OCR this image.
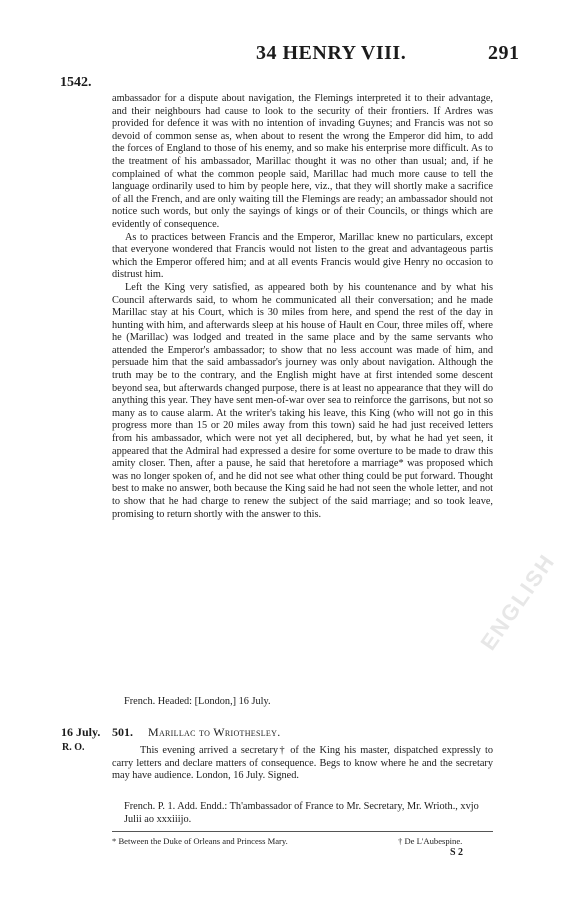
ENGLISH
34 HENRY VIII.	291
1542.

ambassador for a dispute about navigation, the Flemings interpreted it to their advantage, and their neighbours had cause to look to the security of their frontiers. If Ardres was provided for defence it was with no intention of invading Guynes; and Francis was not so devoid of common sense as, when about to resent the wrong the Emperor did him, to add the forces of England to those of his enemy, and so make his enterprise more difficult. As to the treatment of his ambassador, Marillac thought it was no other than usual; and, if he complained of what the common people said, Marillac had much more cause to tell the language ordinarily used to him by people here, viz., that they will shortly make a sacrifice of all the French, and are only waiting till the Flemings are ready; an ambassador should not notice such words, but only the sayings of kings or of their Councils, or things which are evidently of consequence.

As to practices between Francis and the Emperor, Marillac knew no particulars, except that everyone wondered that Francis would not listen to the great and advantageous partis which the Emperor offered him; and at all events Francis would give Henry no occasion to distrust him.

Left the King very satisfied, as appeared both by his countenance and by what his Council afterwards said, to whom he communicated all their conversation; and he made Marillac stay at his Court, which is 30 miles from here, and spend the rest of the day in hunting with him, and afterwards sleep at his house of Hault en Cour, three miles off, where he (Marillac) was lodged and treated in the same place and by the same servants who attended the Emperor's ambassador; to show that no less account was made of him, and persuade him that the said ambassador's journey was only about navigation. Although the truth may be to the contrary, and the English might have at first intended some descent beyond sea, but afterwards changed purpose, there is at least no appearance that they will do anything this year. They have sent men-of-war over sea to reinforce the garrisons, but not so many as to cause alarm. At the writer's taking his leave, this King (who will not go in this progress more than 15 or 20 miles away from this town) said he had just received letters from his ambassador, which were not yet all deciphered, but, by what he had yet seen, it appeared that the Admiral had expressed a desire for some overture to be made to draw this amity closer. Then, after a pause, he said that heretofore a marriage* was proposed which was no longer spoken of, and he did not see what other thing could be put forward. Thought best to make no answer, both because the King said he had not seen the whole letter, and not to show that he had charge to renew the subject of the said marriage; and so took leave, promising to return shortly with the answer to this.

French. Headed: [London,] 16 July.
16 July.
R. O.
501. Marillac to Wriothesley.
This evening arrived a secretary† of the King his master, dispatched expressly to carry letters and declare matters of consequence. Begs to know where he and the secretary may have audience. London, 16 July. Signed.
French. P. 1. Add. Endd.: Th'ambassador of France to Mr. Secretary, Mr. Wrioth., xvjo Julii ao xxxiiijo.
* Between the Duke of Orleans and Princess Mary.	† De L'Aubespine.
S 2
